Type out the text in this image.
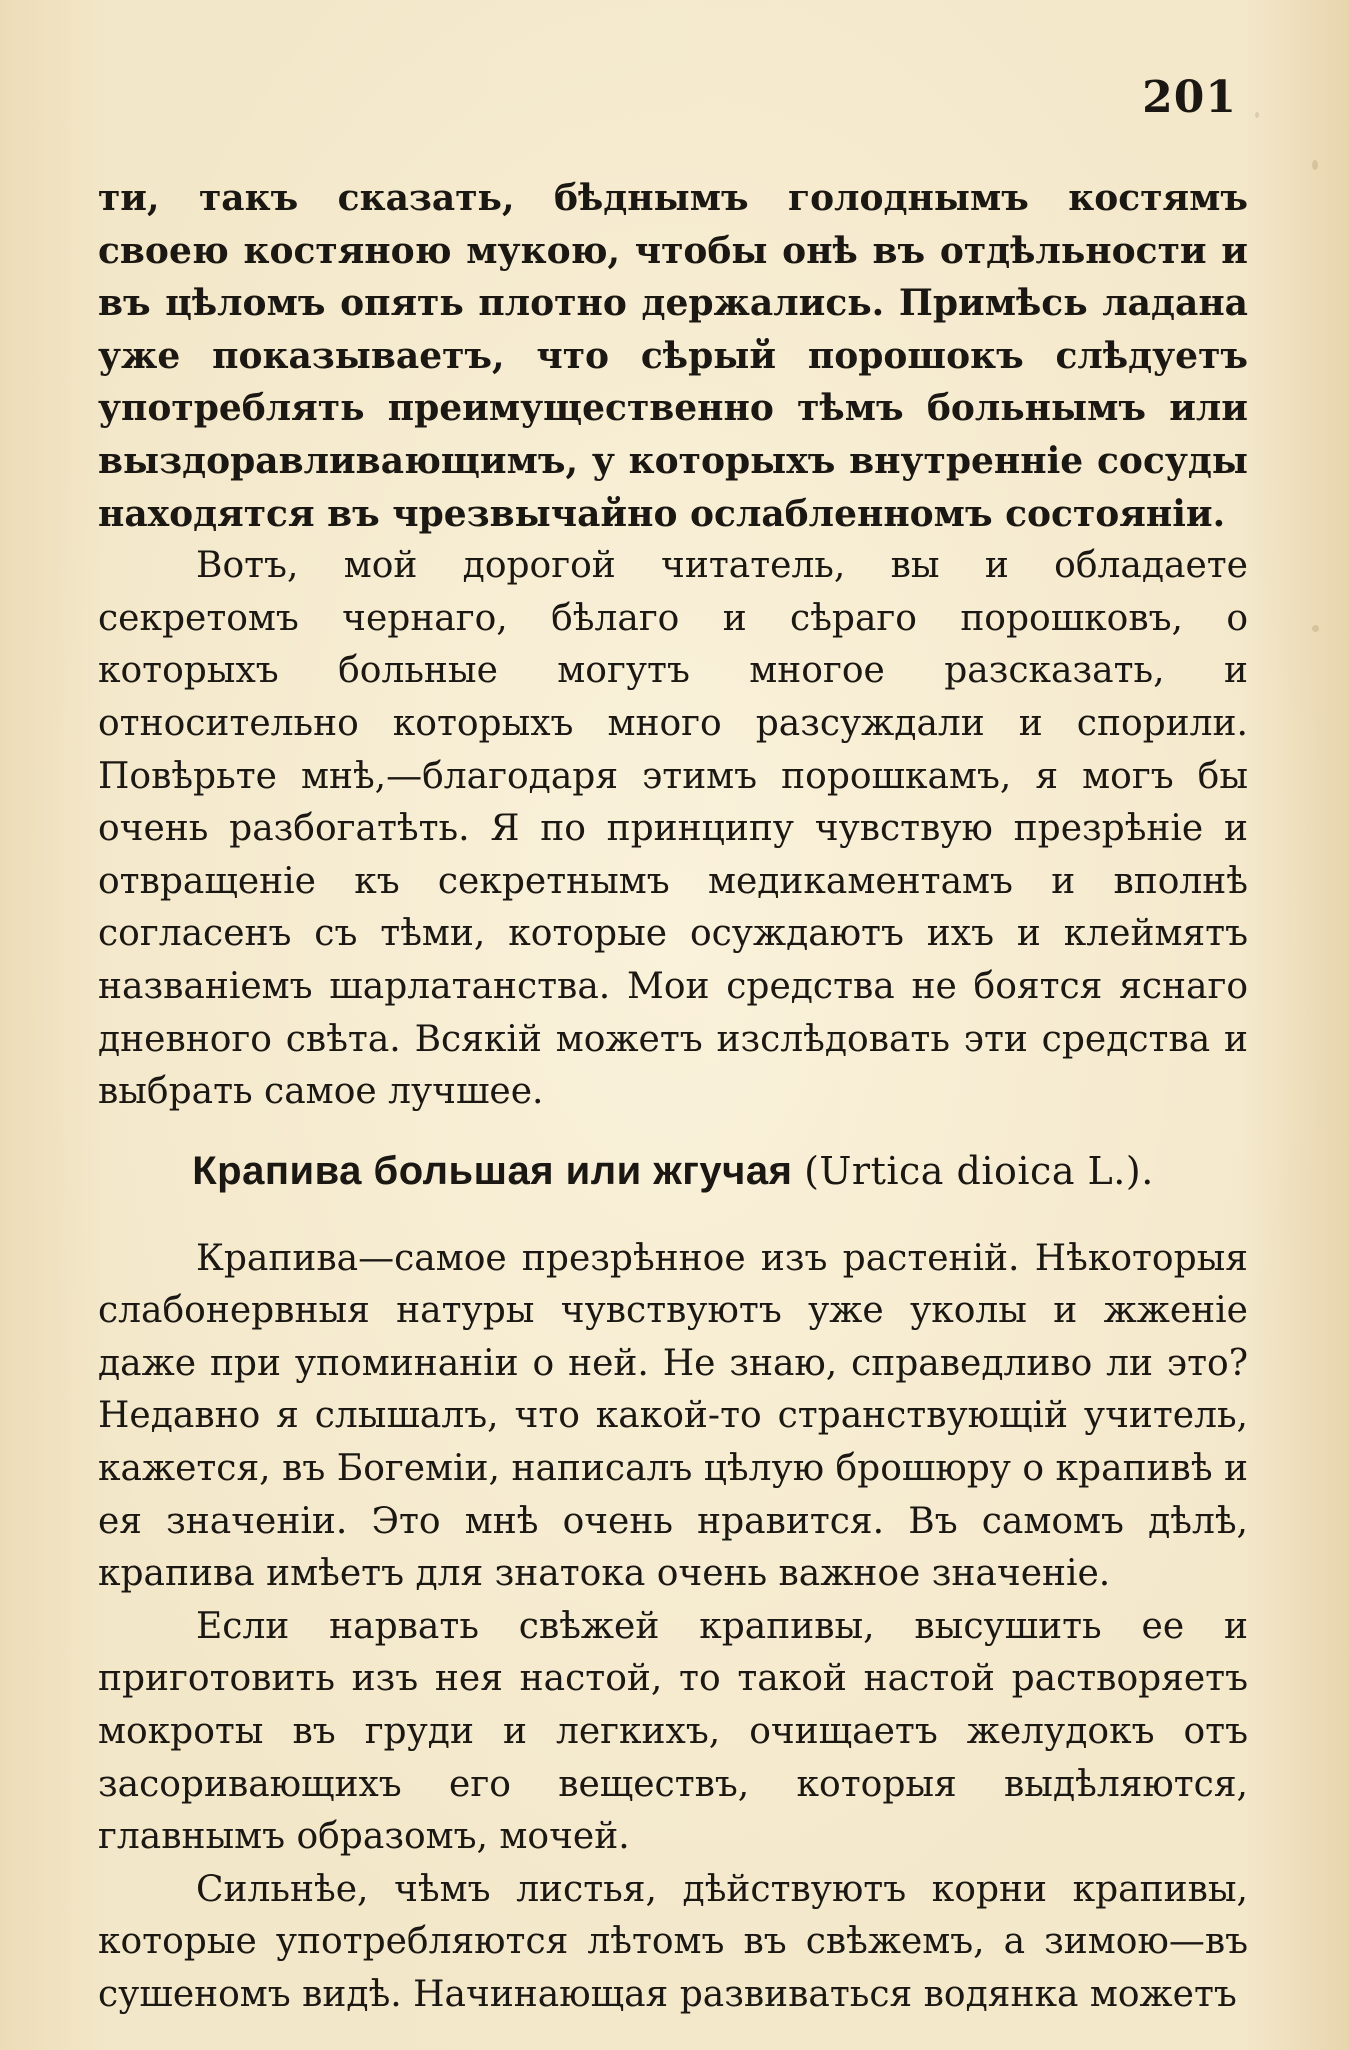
201

ти, такъ сказать, бѣднымъ голоднымъ костямъ своею костяною мукою, чтобы онѣ въ отдѣльности и въ цѣломъ опять плотно держались. Примѣсь ладана уже показываетъ, что сѣрый порошокъ слѣдуетъ употреблять преимущественно тѣмъ больнымъ или выздоравливающимъ, у которыхъ внутренніе сосуды находятся въ чрезвычайно ослабленномъ состояніи.

Вотъ, мой дорогой читатель, вы и обладаете секретомъ чернаго, бѣлаго и сѣраго порошковъ, о которыхъ больные могутъ многое разсказать, и относительно которыхъ много разсуждали и спорили. Повѣрьте мнѣ,—благодаря этимъ порошкамъ, я могъ бы очень разбогатѣть. Я по принципу чувствую презрѣніе и отвращеніе къ секретнымъ медикаментамъ и вполнѣ согласенъ съ тѣми, которые осуждаютъ ихъ и клеймятъ названіемъ шарлатанства. Мои средства не боятся яснаго дневного свѣта. Всякій можетъ изслѣдовать эти средства и выбрать самое лучшее.

Крапива большая или жгучая (Urtica dioica L.).

Крапива—самое презрѣнное изъ растеній. Нѣкоторыя слабонервныя натуры чувствуютъ уже уколы и жженіе даже при упоминаніи о ней. Не знаю, справедливо ли это? Недавно я слышалъ, что какой-то странствующій учитель, кажется, въ Богеміи, написалъ цѣлую брошюру о крапивѣ и ея значеніи. Это мнѣ очень нравится. Въ самомъ дѣлѣ, крапива имѣетъ для знатока очень важное значеніе.

Если нарвать свѣжей крапивы, высушить ее и приготовить изъ нея настой, то такой настой растворяетъ мокроты въ груди и легкихъ, очищаетъ желудокъ отъ засоривающихъ его веществъ, которыя выдѣляются, главнымъ образомъ, мочей.

Сильнѣе, чѣмъ листья, дѣйствуютъ корни крапивы, которые употребляются лѣтомъ въ свѣжемъ, а зимою—въ сушеномъ видѣ. Начинающая развиваться водянка можетъ
